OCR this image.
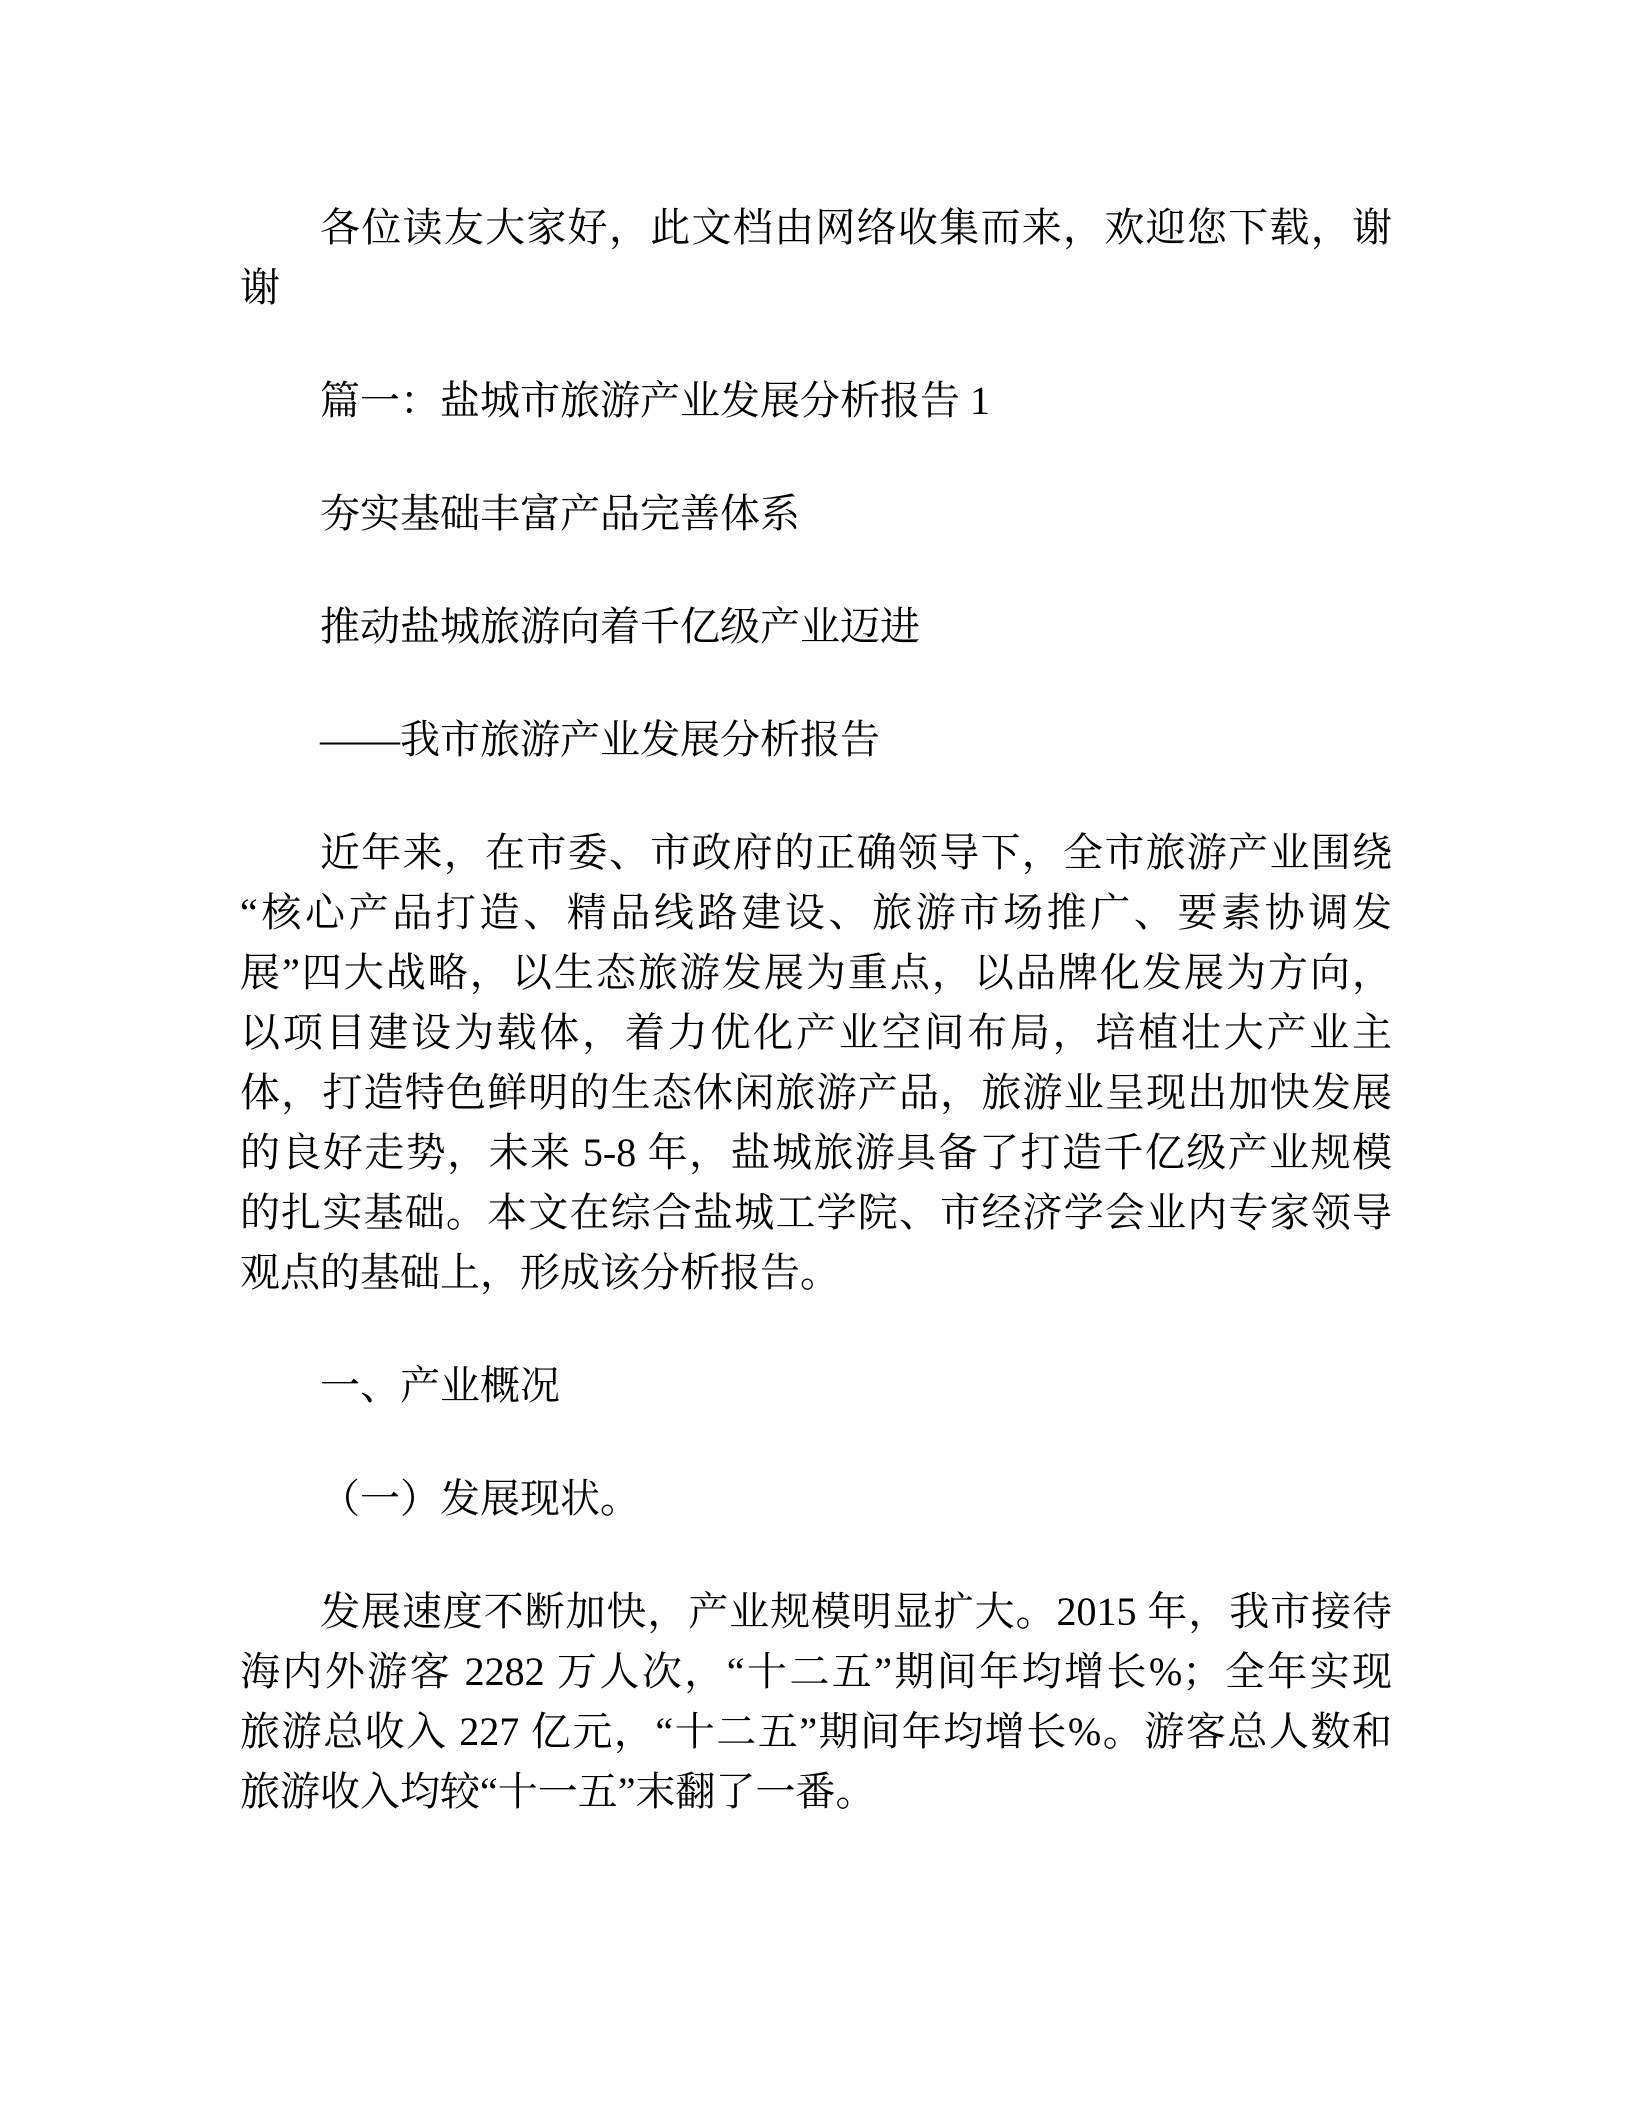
各位读友大家好，此文档由网络收集而来，欢迎您下载，谢
谢

篇一：盐城市旅游产业发展分析报告 1

夯实基础丰富产品完善体系

推动盐城旅游向着千亿级产业迈进

——我市旅游产业发展分析报告

近年来，在市委、市政府的正确领导下，全市旅游产业围绕
“核心产品打造、精品线路建设、旅游市场推广、要素协调发
展”四大战略，以生态旅游发展为重点，以品牌化发展为方向，
以项目建设为载体，着力优化产业空间布局，培植壮大产业主
体，打造特色鲜明的生态休闲旅游产品，旅游业呈现出加快发展
的良好走势，未来 5-8 年，盐城旅游具备了打造千亿级产业规模
的扎实基础。本文在综合盐城工学院、市经济学会业内专家领导
观点的基础上，形成该分析报告。

一、产业概况

（一）发展现状。

发展速度不断加快，产业规模明显扩大。2015 年，我市接待
海内外游客 2282 万人次，“十二五”期间年均增长%；全年实现
旅游总收入 227 亿元，“十二五”期间年均增长%。游客总人数和
旅游收入均较“十一五”末翻了一番。
